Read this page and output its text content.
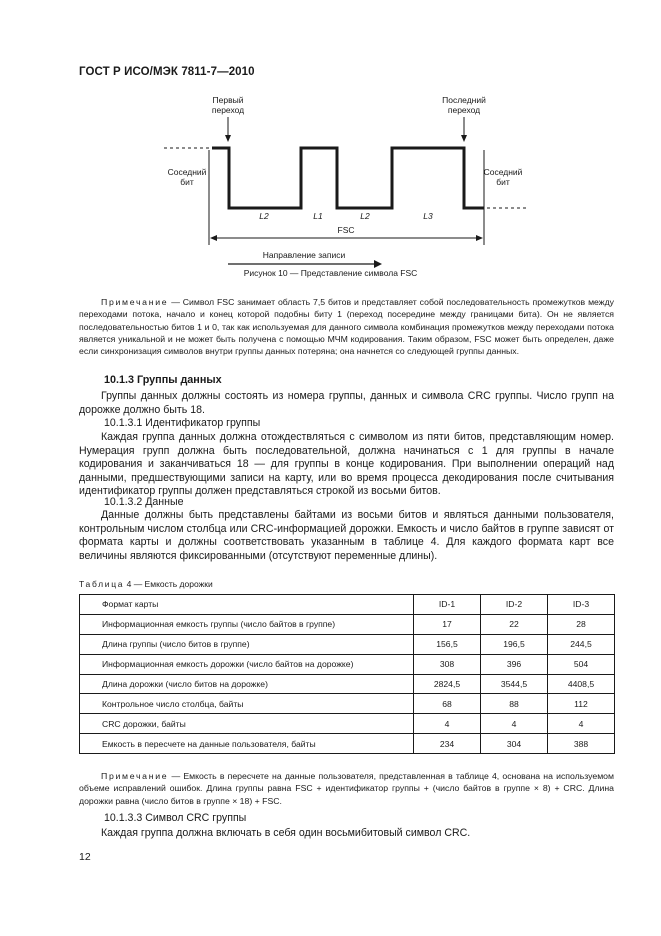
ГОСТ Р ИСО/МЭК 7811-7—2010
Первый
переход
Последний
переход
Соседний
бит
Соседний
бит
L2	L1	L2	L3
FSC
Направление записи
Рисунок 10 — Представление символа FSC
Примечание — Символ FSC занимает область 7,5 битов и представляет собой последовательность промежутков между переходами потока, начало и конец которой подобны биту 1 (переход посередине между границами бита). Он не является последовательностью битов 1 и 0, так как используемая для данного символа комбинация промежутков между переходами потока является уникальной и не может быть получена с помощью МЧМ кодирования. Таким образом, FSC может быть определен, даже если синхронизация символов внутри группы данных потеряна; она начнется со следующей группы данных.
10.1.3 Группы данных
Группы данных должны состоять из номера группы, данных и символа CRC группы. Число групп на дорожке должно быть 18.
10.1.3.1 Идентификатор группы
Каждая группа данных должна отождествляться с символом из пяти битов, представляющим номер. Нумерация групп должна быть последовательной, должна начинаться с 1 для группы в начале кодирования и заканчиваться 18 — для группы в конце кодирования. При выполнении операций над данными, предшествующими записи на карту, или во время процесса декодирования после считывания идентификатор группы должен представляться строкой из восьми битов.
10.1.3.2 Данные
Данные должны быть представлены байтами из восьми битов и являться данными пользователя, контрольным числом столбца или CRC-информацией дорожки. Емкость и число байтов в группе зависят от формата карты и должны соответствовать указанным в таблице 4. Для каждого формата карт все величины являются фиксированными (отсутствуют переменные длины).
Таблица 4 — Емкость дорожки
Формат карты	ID-1	ID-2	ID-3
Информационная емкость группы (число байтов в группе)	17	22	28
Длина группы (число битов в группе)	156,5	196,5	244,5
Информационная емкость дорожки (число байтов на дорожке)	308	396	504
Длина дорожки (число битов на дорожке)	2824,5	3544,5	4408,5
Контрольное число столбца, байты	68	88	112
CRC дорожки, байты	4	4	4
Емкость в пересчете на данные пользователя, байты	234	304	388
Примечание — Емкость в пересчете на данные пользователя, представленная в таблице 4, основана на используемом объеме исправлений ошибок. Длина группы равна FSC + идентификатор группы + (число байтов в группе × 8) + CRC. Длина дорожки равна (число битов в группе × 18) + FSC.
10.1.3.3 Символ CRC группы
Каждая группа должна включать в себя один восьмибитовый символ CRC.
12
